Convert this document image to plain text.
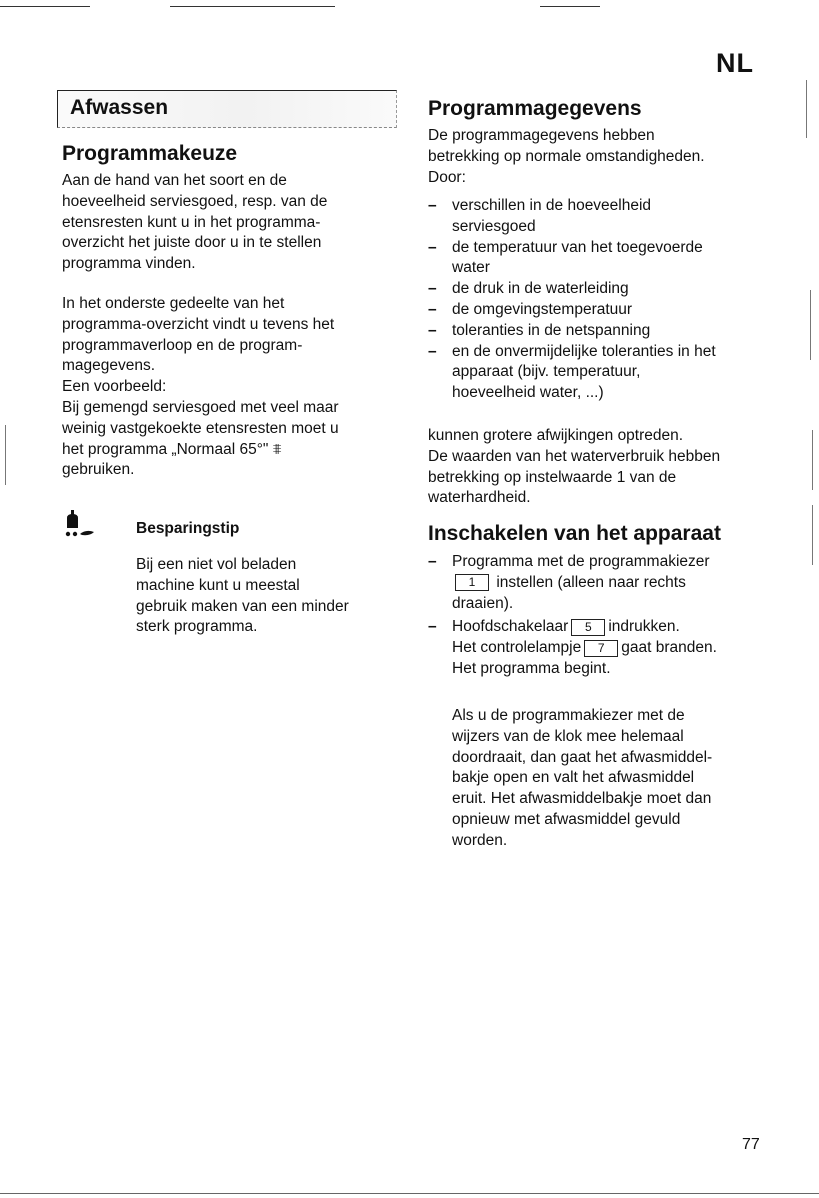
NL
Afwassen
Programmakeuze
Aan de hand van het soort en de
hoeveelheid serviesgoed, resp. van de
etensresten kunt u in het programma-
overzicht het juiste door u in te stellen
programma vinden.
In het onderste gedeelte van het
programma-overzicht vindt u tevens het
programmaverloop en de program-
magegevens.
Een voorbeeld:
Bij gemengd serviesgoed met veel maar
weinig vastgekoekte etensresten moet u
het programma „Normaal 65°" ⩨
gebruiken.
Besparingstip
Bij een niet vol beladen
machine kunt u meestal
gebruik maken van een minder
sterk programma.
Programmagegevens
De programmagegevens hebben
betrekking op normale omstandigheden.
Door:
– verschillen in de hoeveelheid
serviesgoed
– de temperatuur van het toegevoerde
water
– de druk in de waterleiding
– de omgevingstemperatuur
– toleranties in de netspanning
– en de onvermijdelijke toleranties in het
apparaat (bijv. temperatuur,
hoeveelheid water, ...)
kunnen grotere afwijkingen optreden.
De waarden van het waterverbruik hebben
betrekking op instelwaarde 1 van de
waterhardheid.
Inschakelen van het apparaat
– Programma met de programmakiezer
1 instellen (alleen naar rechts
draaien).
– Hoofdschakelaar 5 indrukken.
Het controlelampje 7 gaat branden.
Het programma begint.
Als u de programmakiezer met de
wijzers van de klok mee helemaal
doordraait, dan gaat het afwasmiddel-
bakje open en valt het afwasmiddel
eruit. Het afwasmiddelbakje moet dan
opnieuw met afwasmiddel gevuld
worden.
77
